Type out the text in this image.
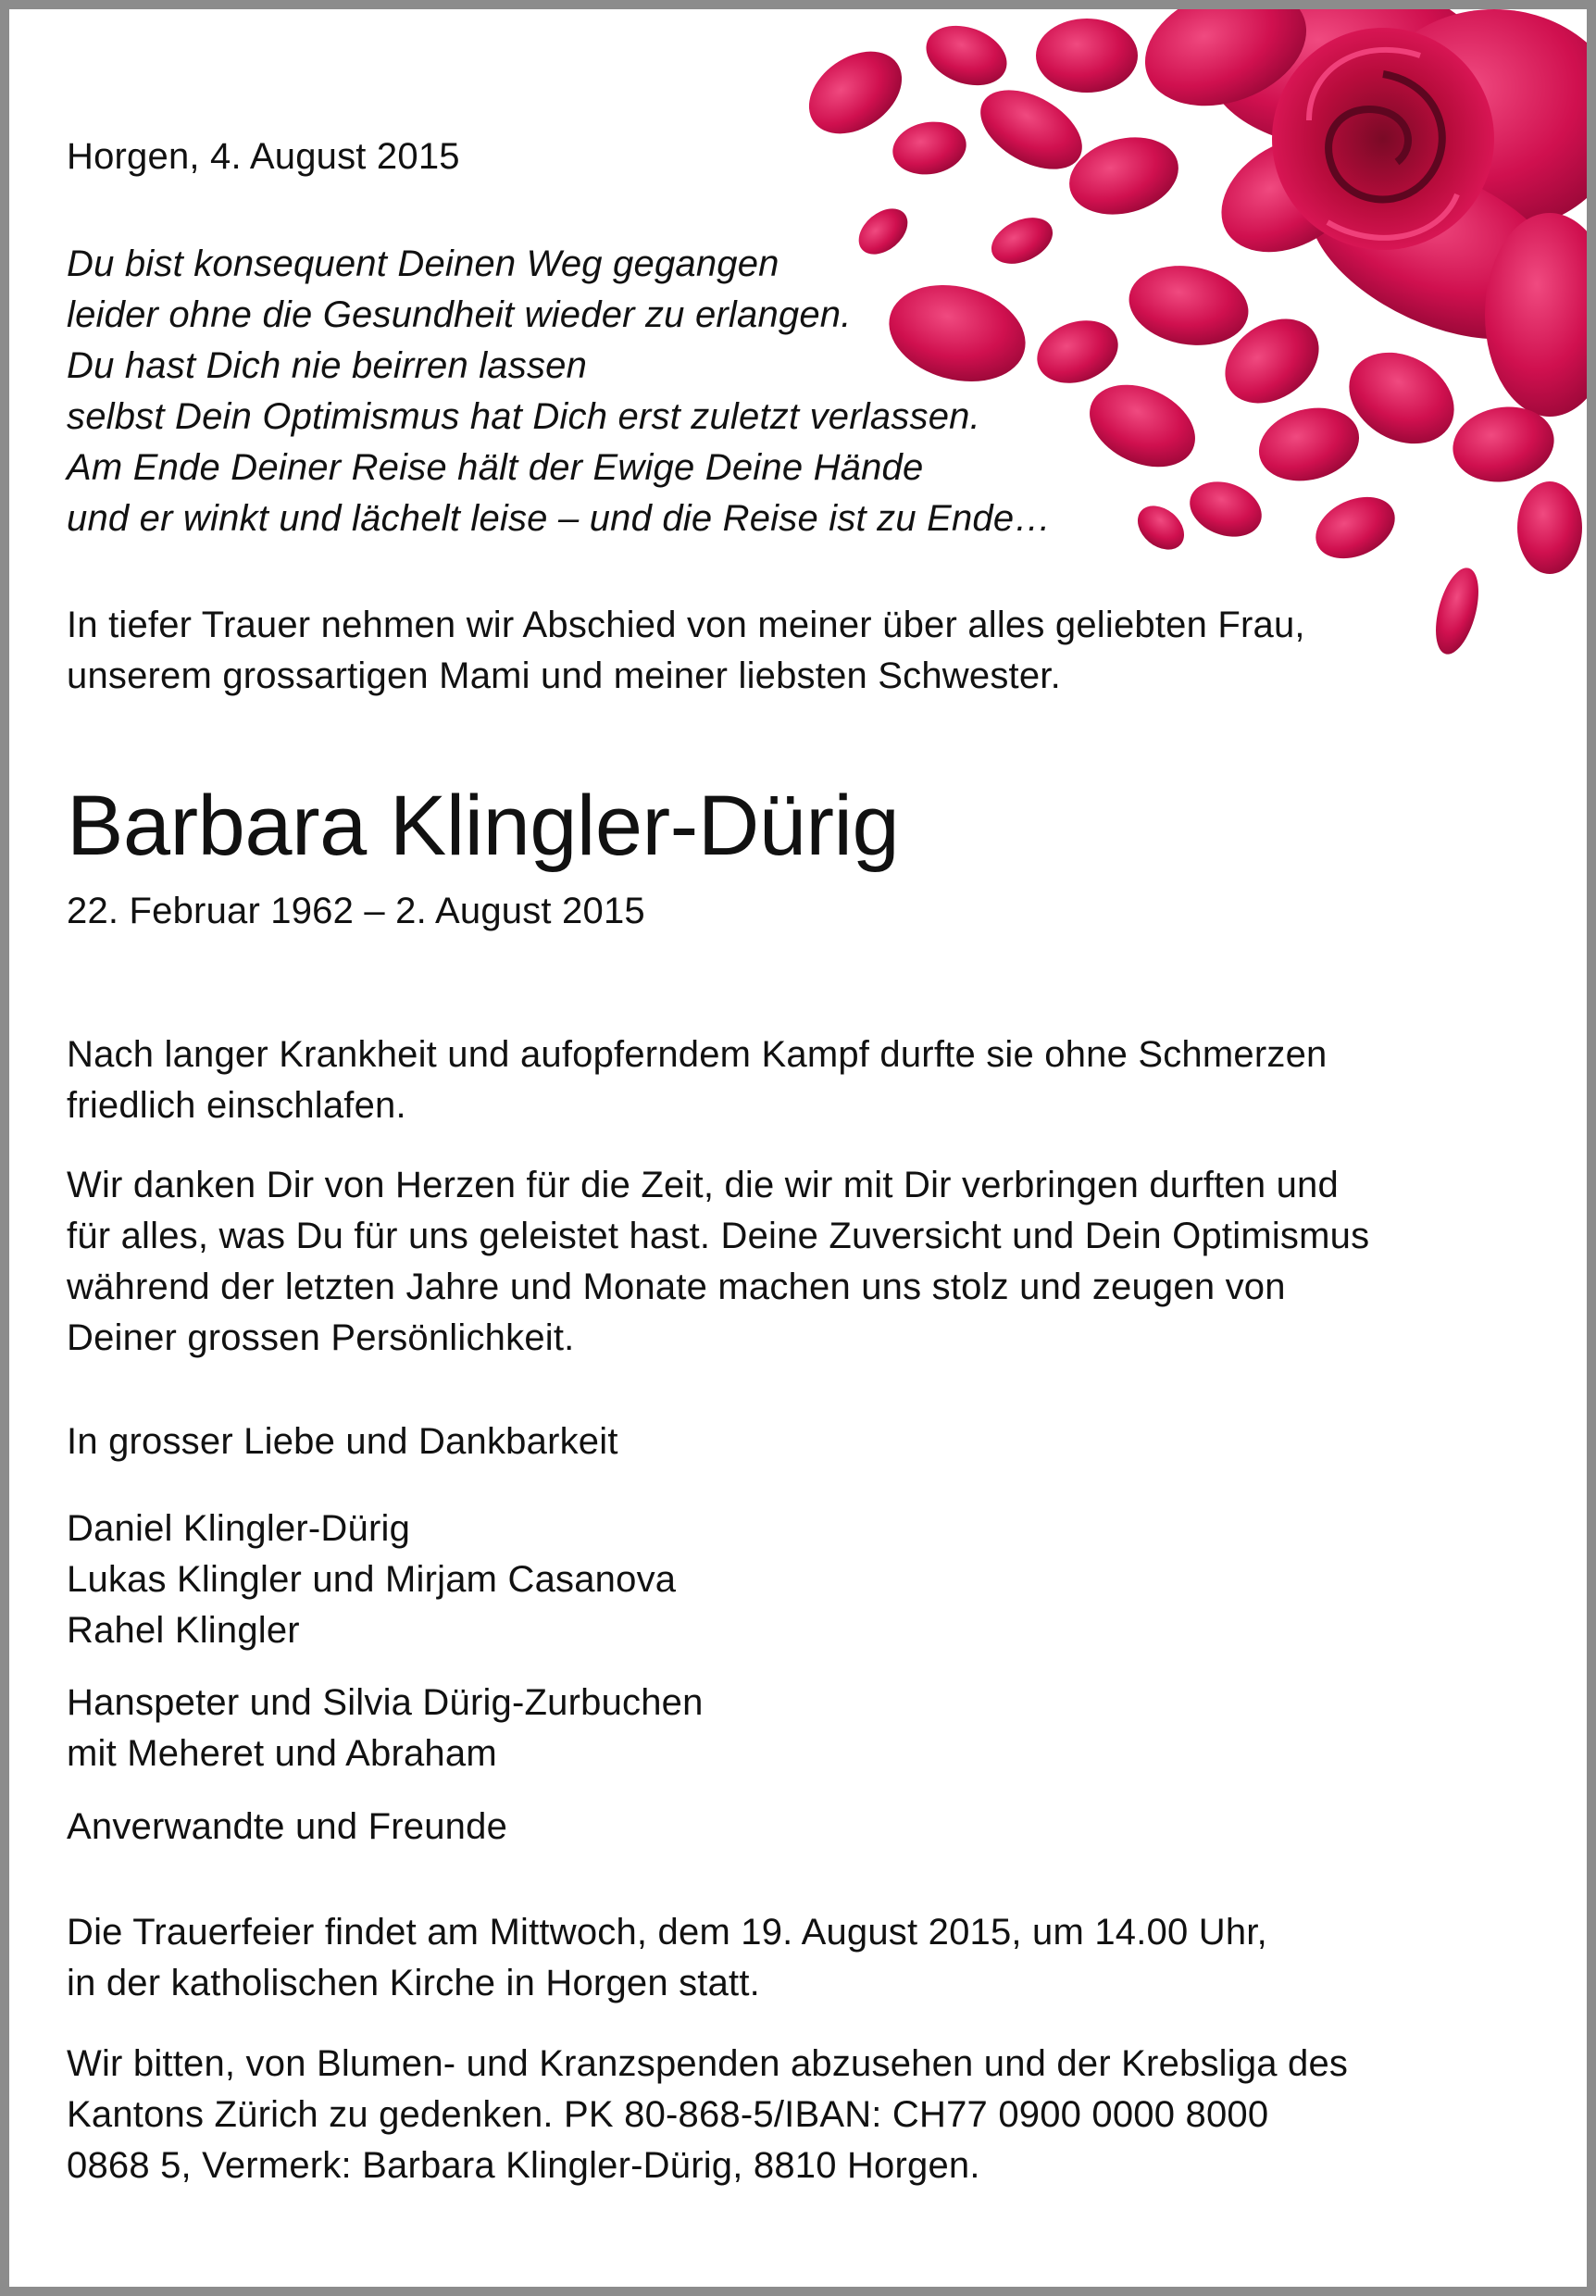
Horgen, 4. August 2015
Du bist konsequent Deinen Weg gegangen
leider ohne die Gesundheit wieder zu erlangen.
Du hast Dich nie beirren lassen
selbst Dein Optimismus hat Dich erst zuletzt verlassen.
Am Ende Deiner Reise hält der Ewige Deine Hände
und er winkt und lächelt leise – und die Reise ist zu Ende…
In tiefer Trauer nehmen wir Abschied von meiner über alles geliebten Frau,
unserem grossartigen Mami und meiner liebsten Schwester.
Barbara Klingler-Dürig
22. Februar 1962 – 2. August 2015
Nach langer Krankheit und aufopferndem Kampf durfte sie ohne Schmerzen
friedlich einschlafen.
Wir danken Dir von Herzen für die Zeit, die wir mit Dir verbringen durften und
für alles, was Du für uns geleistet hast. Deine Zuversicht und Dein Optimismus
während der letzten Jahre und Monate machen uns stolz und zeugen von
Deiner grossen Persönlichkeit.
In grosser Liebe und Dankbarkeit
Daniel Klingler-Dürig
Lukas Klingler und Mirjam Casanova
Rahel Klingler
Hanspeter und Silvia Dürig-Zurbuchen
mit Meheret und Abraham
Anverwandte und Freunde
Die Trauerfeier findet am Mittwoch, dem 19. August 2015, um 14.00 Uhr,
in der katholischen Kirche in Horgen statt.
Wir bitten, von Blumen- und Kranzspenden abzusehen und der Krebsliga des
Kantons Zürich zu gedenken. PK 80-868-5/IBAN: CH77 0900 0000 8000
0868 5, Vermerk: Barbara Klingler-Dürig, 8810 Horgen.
